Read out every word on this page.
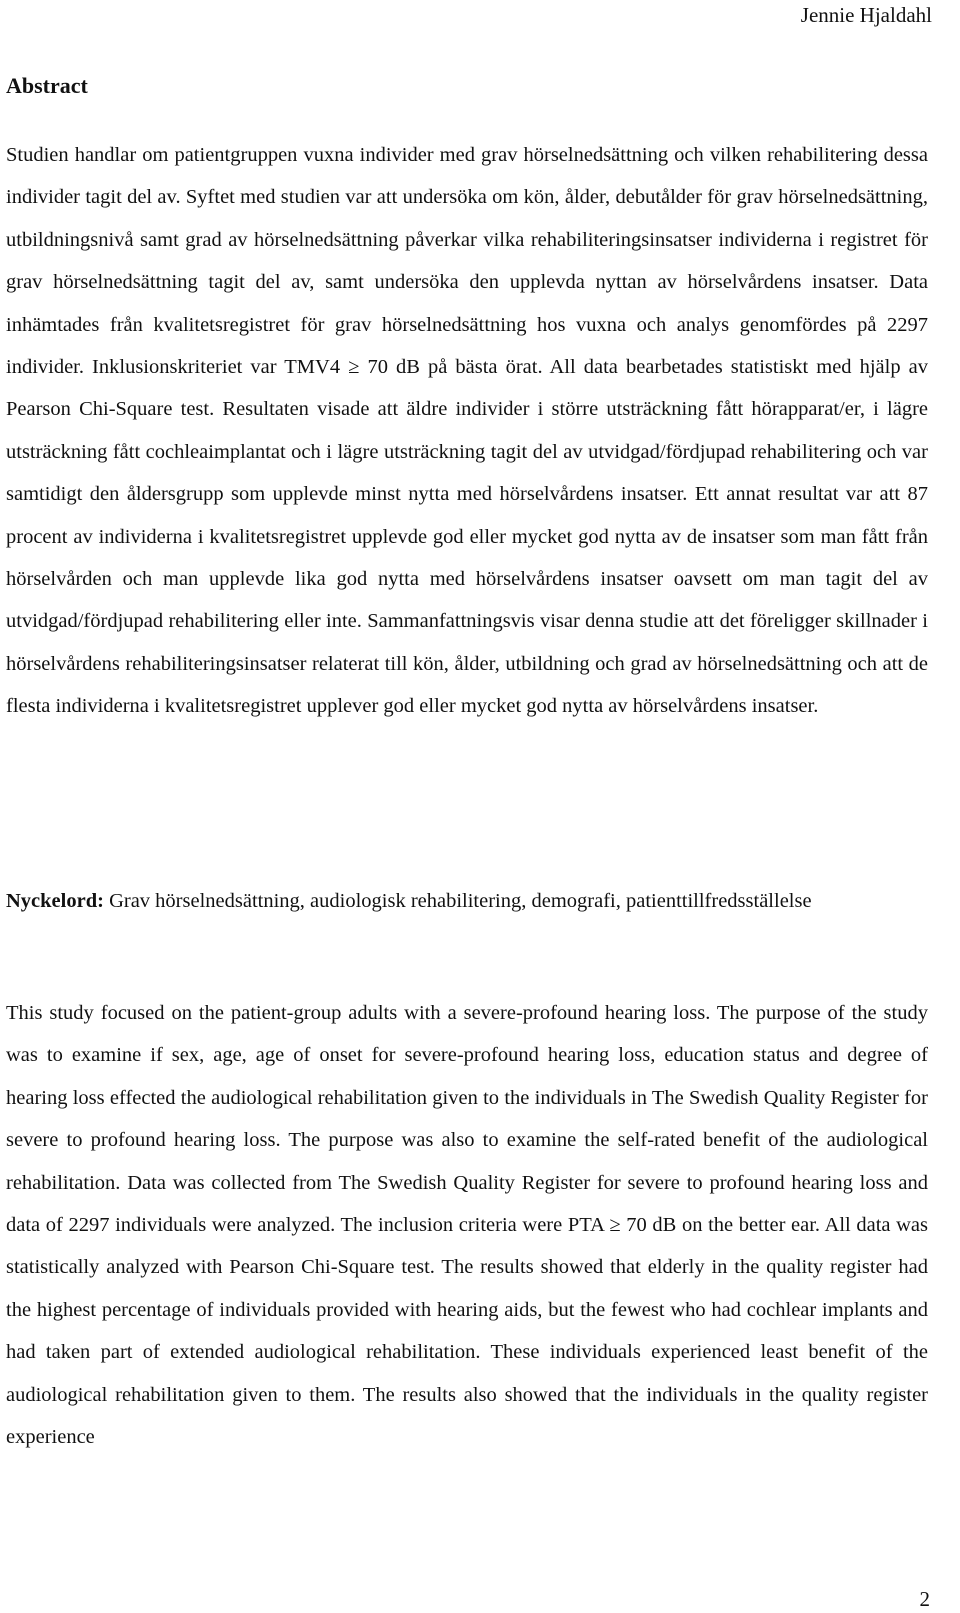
Jennie Hjaldahl
Abstract

Studien handlar om patientgruppen vuxna individer med grav hörselnedsättning och vilken rehabilitering dessa individer tagit del av. Syftet med studien var att undersöka om kön, ålder, debutålder för grav hörselnedsättning, utbildningsnivå samt grad av hörselnedsättning påverkar vilka rehabiliteringsinsatser individerna i registret för grav hörselnedsättning tagit del av, samt undersöka den upplevda nyttan av hörselvårdens insatser. Data inhämtades från kvalitetsregistret för grav hörselnedsättning hos vuxna och analys genomfördes på 2297 individer. Inklusionskriteriet var TMV4 ≥ 70 dB på bästa örat. All data bearbetades statistiskt med hjälp av Pearson Chi-Square test. Resultaten visade att äldre individer i större utsträckning fått hörapparat/er, i lägre utsträckning fått cochleaimplantat och i lägre utsträckning tagit del av utvidgad/fördjupad rehabilitering och var samtidigt den åldersgrupp som upplevde minst nytta med hörselvårdens insatser. Ett annat resultat var att 87 procent av individerna i kvalitetsregistret upplevde god eller mycket god nytta av de insatser som man fått från hörselvården och man upplevde lika god nytta med hörselvårdens insatser oavsett om man tagit del av utvidgad/fördjupad rehabilitering eller inte. Sammanfattningsvis visar denna studie att det föreligger skillnader i hörselvårdens rehabiliteringsinsatser relaterat till kön, ålder, utbildning och grad av hörselnedsättning och att de flesta individerna i kvalitetsregistret upplever god eller mycket god nytta av hörselvårdens insatser.

Nyckelord: Grav hörselnedsättning, audiologisk rehabilitering, demografi, patienttillfredsställelse

This study focused on the patient-group adults with a severe-profound hearing loss. The purpose of the study was to examine if sex, age, age of onset for severe-profound hearing loss, education status and degree of hearing loss effected the audiological rehabilitation given to the individuals in The Swedish Quality Register for severe to profound hearing loss. The purpose was also to examine the self-rated benefit of the audiological rehabilitation. Data was collected from The Swedish Quality Register for severe to profound hearing loss and data of 2297 individuals were analyzed. The inclusion criteria were PTA ≥ 70 dB on the better ear. All data was statistically analyzed with Pearson Chi-Square test. The results showed that elderly in the quality register had the highest percentage of individuals provided with hearing aids, but the fewest who had cochlear implants and had taken part of extended audiological rehabilitation. These individuals experienced least benefit of the audiological rehabilitation given to them. The results also showed that the individuals in the quality register experience

2
